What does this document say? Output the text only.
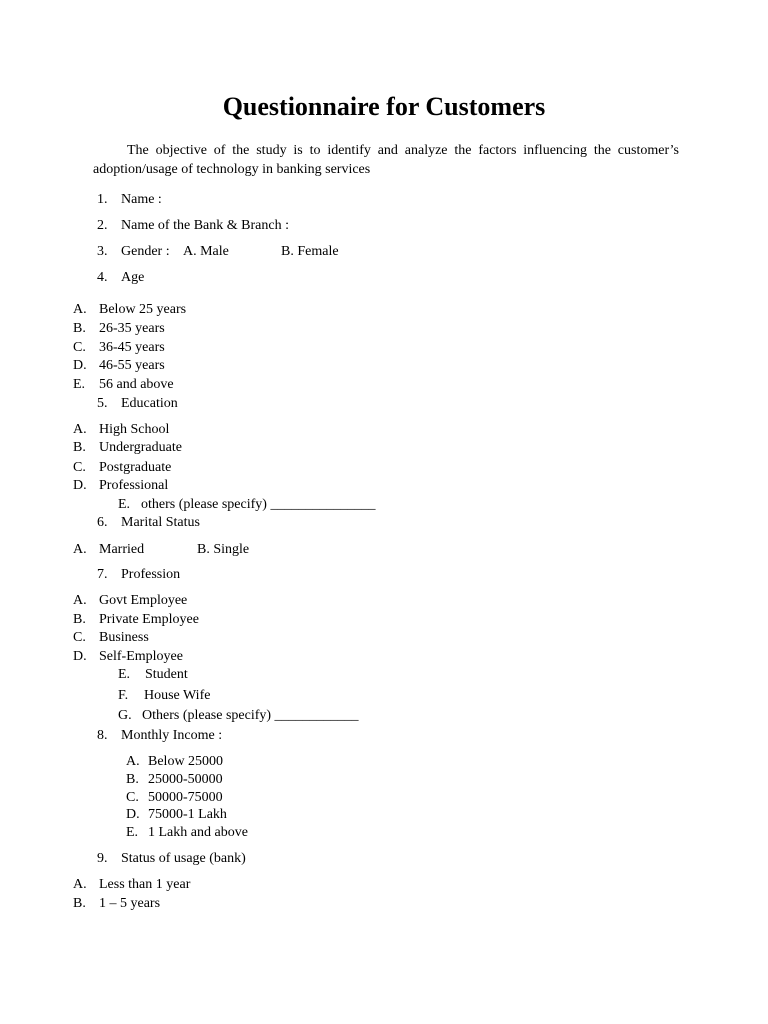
Questionnaire for Customers
The objective of the study is to identify and analyze the factors influencing the customer’s adoption/usage of technology in banking services
1. Name :
2. Name of the Bank & Branch :
3. Gender : A. Male	B. Female
4. Age
A. Below 25 years
B. 26-35 years
C. 36-45 years
D. 46-55 years
E. 56 and above
5. Education
A. High School
B. Undergraduate
C. Postgraduate
D. Professional
E. others (please specify) _______________
6. Marital Status
A. Married	B. Single
7. Profession
A. Govt Employee
B. Private Employee
C. Business
D. Self-Employee
E. Student
F. House Wife
G. Others (please specify) ____________
8. Monthly Income :
A. Below 25000
B. 25000-50000
C. 50000-75000
D. 75000-1 Lakh
E. 1 Lakh and above
9. Status of usage (bank)
A. Less than 1 year
B. 1 – 5 years
